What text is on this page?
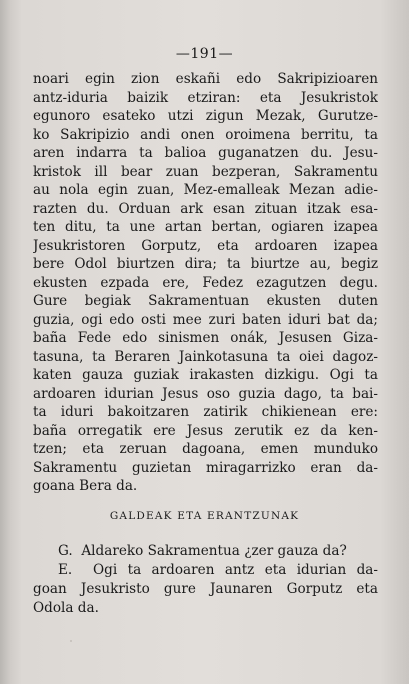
—191—
noari egin zion eskañi edo Sakripizioaren
antz-iduria baizik etziran: eta Jesukristok
egunoro esateko utzi zigun Mezak, Gurutze-
ko Sakripizio andi onen oroimena berritu, ta
aren indarra ta balioa guganatzen du. Jesu-
kristok ill bear zuan bezperan, Sakramentu
au nola egin zuan, Mez-emalleak Mezan adie-
razten du. Orduan ark esan zituan itzak esa-
ten ditu, ta une artan bertan, ogiaren izapea
Jesukristoren Gorputz, eta ardoaren izapea
bere Odol biurtzen dira; ta biurtze au, begiz
ekusten ezpada ere, Fedez ezagutzen degu.
Gure begiak Sakramentuan ekusten duten
guzia, ogi edo osti mee zuri baten iduri bat da;
baña Fede edo sinismen onák, Jesusen Giza-
tasuna, ta Beraren Jainkotasuna ta oiei dagoz-
katen gauza guziak irakasten dizkigu. Ogi ta
ardoaren idurian Jesus oso guzia dago, ta bai-
ta iduri bakoitzaren zatirik chikienean ere:
baña orregatik ere Jesus zerutik ez da ken-
tzen; eta zeruan dagoana, emen munduko
Sakramentu guzietan miragarrizko eran da-
goana Bera da.
GALDEAK ETA ERANTZUNAK
G. Aldareko Sakramentua ¿zer gauza da?
E. Ogi ta ardoaren antz eta idurian da-
goan Jesukristo gure Jaunaren Gorputz eta
Odola da.
